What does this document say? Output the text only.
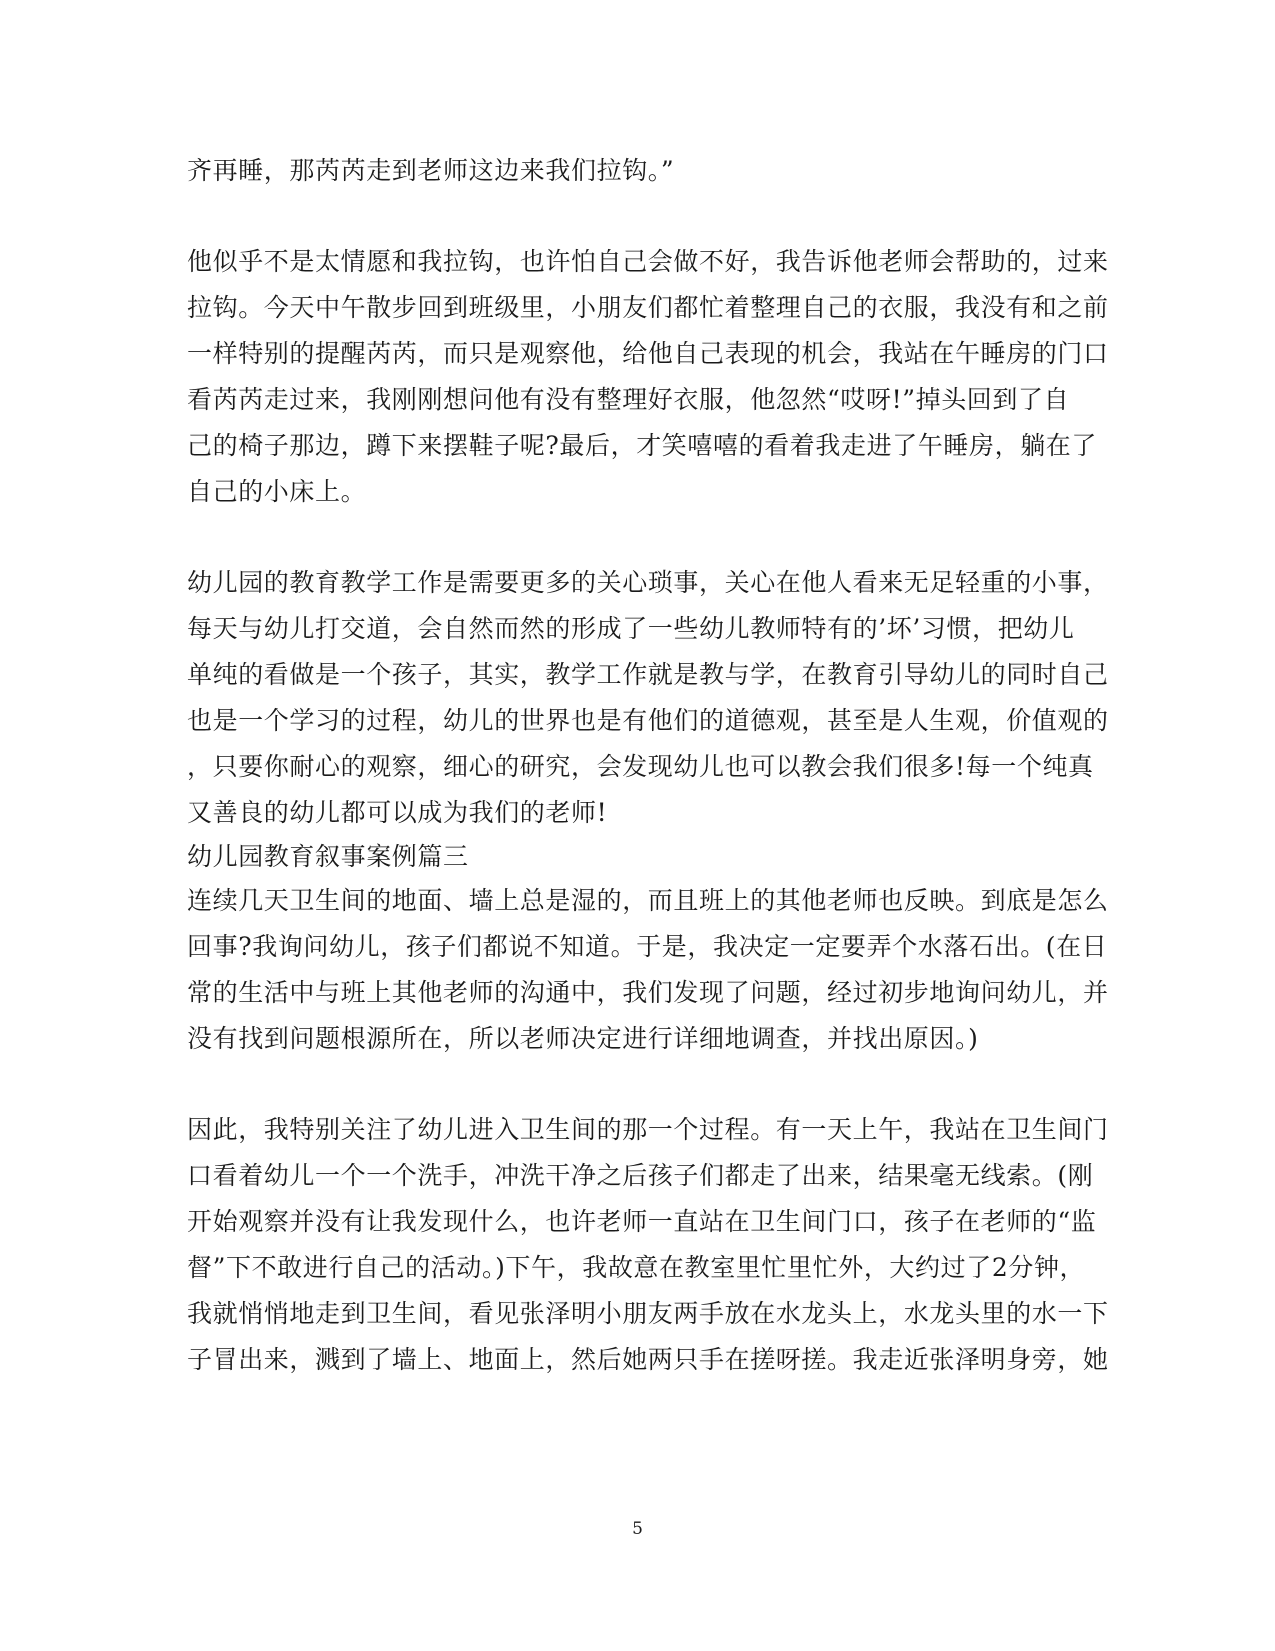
齐再睡，那芮芮走到老师这边来我们拉钩。”
他似乎不是太情愿和我拉钩，也许怕自己会做不好，我告诉他老师会帮助的，过来
拉钩。今天中午散步回到班级里，小朋友们都忙着整理自己的衣服，我没有和之前
一样特别的提醒芮芮，而只是观察他，给他自己表现的机会，我站在午睡房的门口
看芮芮走过来，我刚刚想问他有没有整理好衣服，他忽然“哎呀!”掉头回到了自
己的椅子那边，蹲下来摆鞋子呢?最后，才笑嘻嘻的看着我走进了午睡房，躺在了
自己的小床上。
幼儿园的教育教学工作是需要更多的关心琐事，关心在他人看来无足轻重的小事，
每天与幼儿打交道，会自然而然的形成了一些幼儿教师特有的’坏’习惯，把幼儿
单纯的看做是一个孩子，其实，教学工作就是教与学，在教育引导幼儿的同时自己
也是一个学习的过程，幼儿的世界也是有他们的道德观，甚至是人生观，价值观的
，只要你耐心的观察，细心的研究，会发现幼儿也可以教会我们很多!每一个纯真
又善良的幼儿都可以成为我们的老师!
幼儿园教育叙事案例篇三
连续几天卫生间的地面、墙上总是湿的，而且班上的其他老师也反映。到底是怎么
回事?我询问幼儿，孩子们都说不知道。于是，我决定一定要弄个水落石出。(在日
常的生活中与班上其他老师的沟通中，我们发现了问题，经过初步地询问幼儿，并
没有找到问题根源所在，所以老师决定进行详细地调查，并找出原因。)
因此，我特别关注了幼儿进入卫生间的那一个过程。有一天上午，我站在卫生间门
口看着幼儿一个一个洗手，冲洗干净之后孩子们都走了出来，结果毫无线索。(刚
开始观察并没有让我发现什么，也许老师一直站在卫生间门口，孩子在老师的“监
督”下不敢进行自己的活动。)下午，我故意在教室里忙里忙外，大约过了2分钟，
我就悄悄地走到卫生间，看见张泽明小朋友两手放在水龙头上，水龙头里的水一下
子冒出来，溅到了墙上、地面上，然后她两只手在搓呀搓。我走近张泽明身旁，她
5
